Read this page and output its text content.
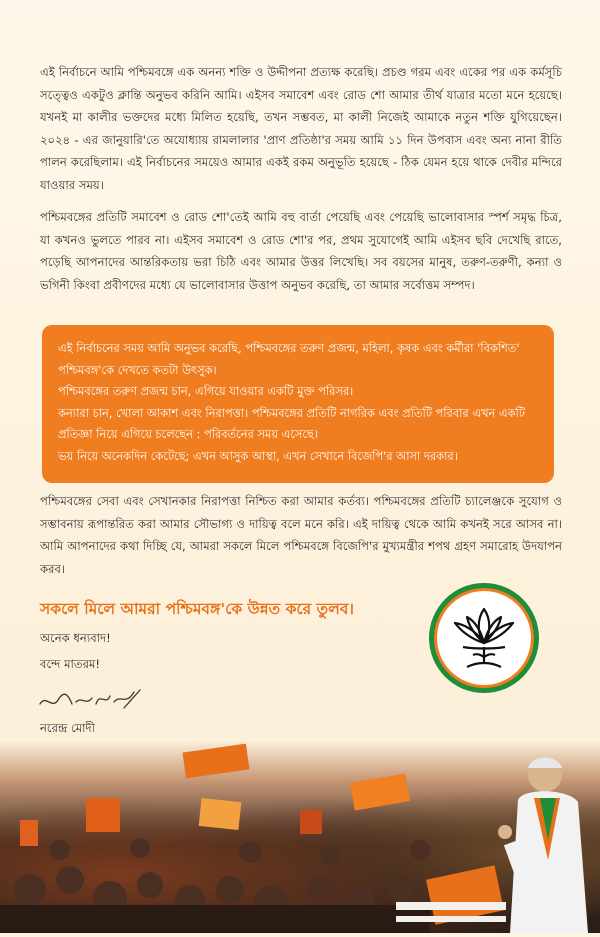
এই নির্বাচনে আমি পশ্চিমবঙ্গে এক অনন্য শক্তি ও উদ্দীপনা প্রত্যক্ষ করেছি। প্রচণ্ড গরম এবং একের পর এক কর্মসূচি সত্ত্বেও একটুও ক্লান্তি অনুভব করিনি আমি। এইসব সমাবেশ এবং রোড শো আমার তীর্থ যাত্রার মতো মনে হয়েছে। যখনই মা কালীর ভক্তদের মধ্যে মিলিত হয়েছি, তখন সম্ভবত, মা কালী নিজেই আমাকে নতুন শক্তি যুগিয়েছেন। ২০২৪ - এর জানুয়ারি'তে অযোধ্যায় রামলালার 'প্রাণ প্রতিষ্ঠা'র সময় আমি ১১ দিন উপবাস এবং অন্য নানা রীতি পালন করেছিলাম। এই নির্বাচনের সময়েও আমার একই রকম অনুভূতি হয়েছে - ঠিক যেমন হয়ে থাকে দেবীর মন্দিরে যাওয়ার সময়।

পশ্চিমবঙ্গের প্রতিটি সমাবেশ ও রোড শো'তেই আমি বহু বার্তা পেয়েছি এবং পেয়েছি ভালোবাসার স্পর্শ সমৃদ্ধ চিত্র, যা কখনও ভুলতে পারব না। এইসব সমাবেশ ও রোড শো'র পর, প্রথম সুযোগেই আমি এইসব ছবি দেখেছি রাতে, পড়েছি আপনাদের আন্তরিকতায় ভরা চিঠি এবং আমার উত্তর লিখেছি। সব বয়সের মানুষ, তরুণ-তরুণী, কন্যা ও ভগিনী কিংবা প্রবীণদের মধ্যে যে ভালোবাসার উত্তাপ অনুভব করেছি, তা আমার সর্বোত্তম সম্পদ।

এই নির্বাচনের সময় আমি অনুভব করেছি, পশ্চিমবঙ্গের তরুণ প্রজন্ম, মহিলা, কৃষক এবং কর্মীরা 'বিকশিত' পশ্চিমবঙ্গ'কে দেখতে কতটা উৎসুক।

পশ্চিমবঙ্গের তরুণ প্রজন্ম চান, এগিয়ে যাওয়ার একটি মুক্ত পরিসর।

কন্যারা চান, খোলা আকাশ এবং নিরাপত্তা। পশ্চিমবঙ্গের প্রতিটি নাগরিক এবং প্রতিটি পরিবার এখন একটি প্রতিজ্ঞা নিয়ে এগিয়ে চলেছেন : পরিবর্তনের সময় এসেছে।

ভয় নিয়ে অনেকদিন কেটেছে; এখন আসুক আস্থা, এখন সেখানে বিজেপি'র আসা দরকার।

পশ্চিমবঙ্গের সেবা এবং সেখানকার নিরাপত্তা নিশ্চিত করা আমার কর্তব্য। পশ্চিমবঙ্গের প্রতিটি চ্যালেঞ্জকে সুযোগ ও সম্ভাবনায় রূপান্তরিত করা আমার সৌভাগ্য ও দায়িত্ব বলে মনে করি। এই দায়িত্ব থেকে আমি কখনই সরে আসব না। আমি আপনাদের কথা দিচ্ছি যে, আমরা সকলে মিলে পশ্চিমবঙ্গে বিজেপি'র মুখ্যমন্ত্রীর শপথ গ্রহণ সমারোহ উদযাপন করব।

সকলে মিলে আমরা পশ্চিমবঙ্গ'কে উন্নত করে তুলব।

অনেক ধন্যবাদ!

বন্দে মাতরম!

নরেন্দ্র মোদী
